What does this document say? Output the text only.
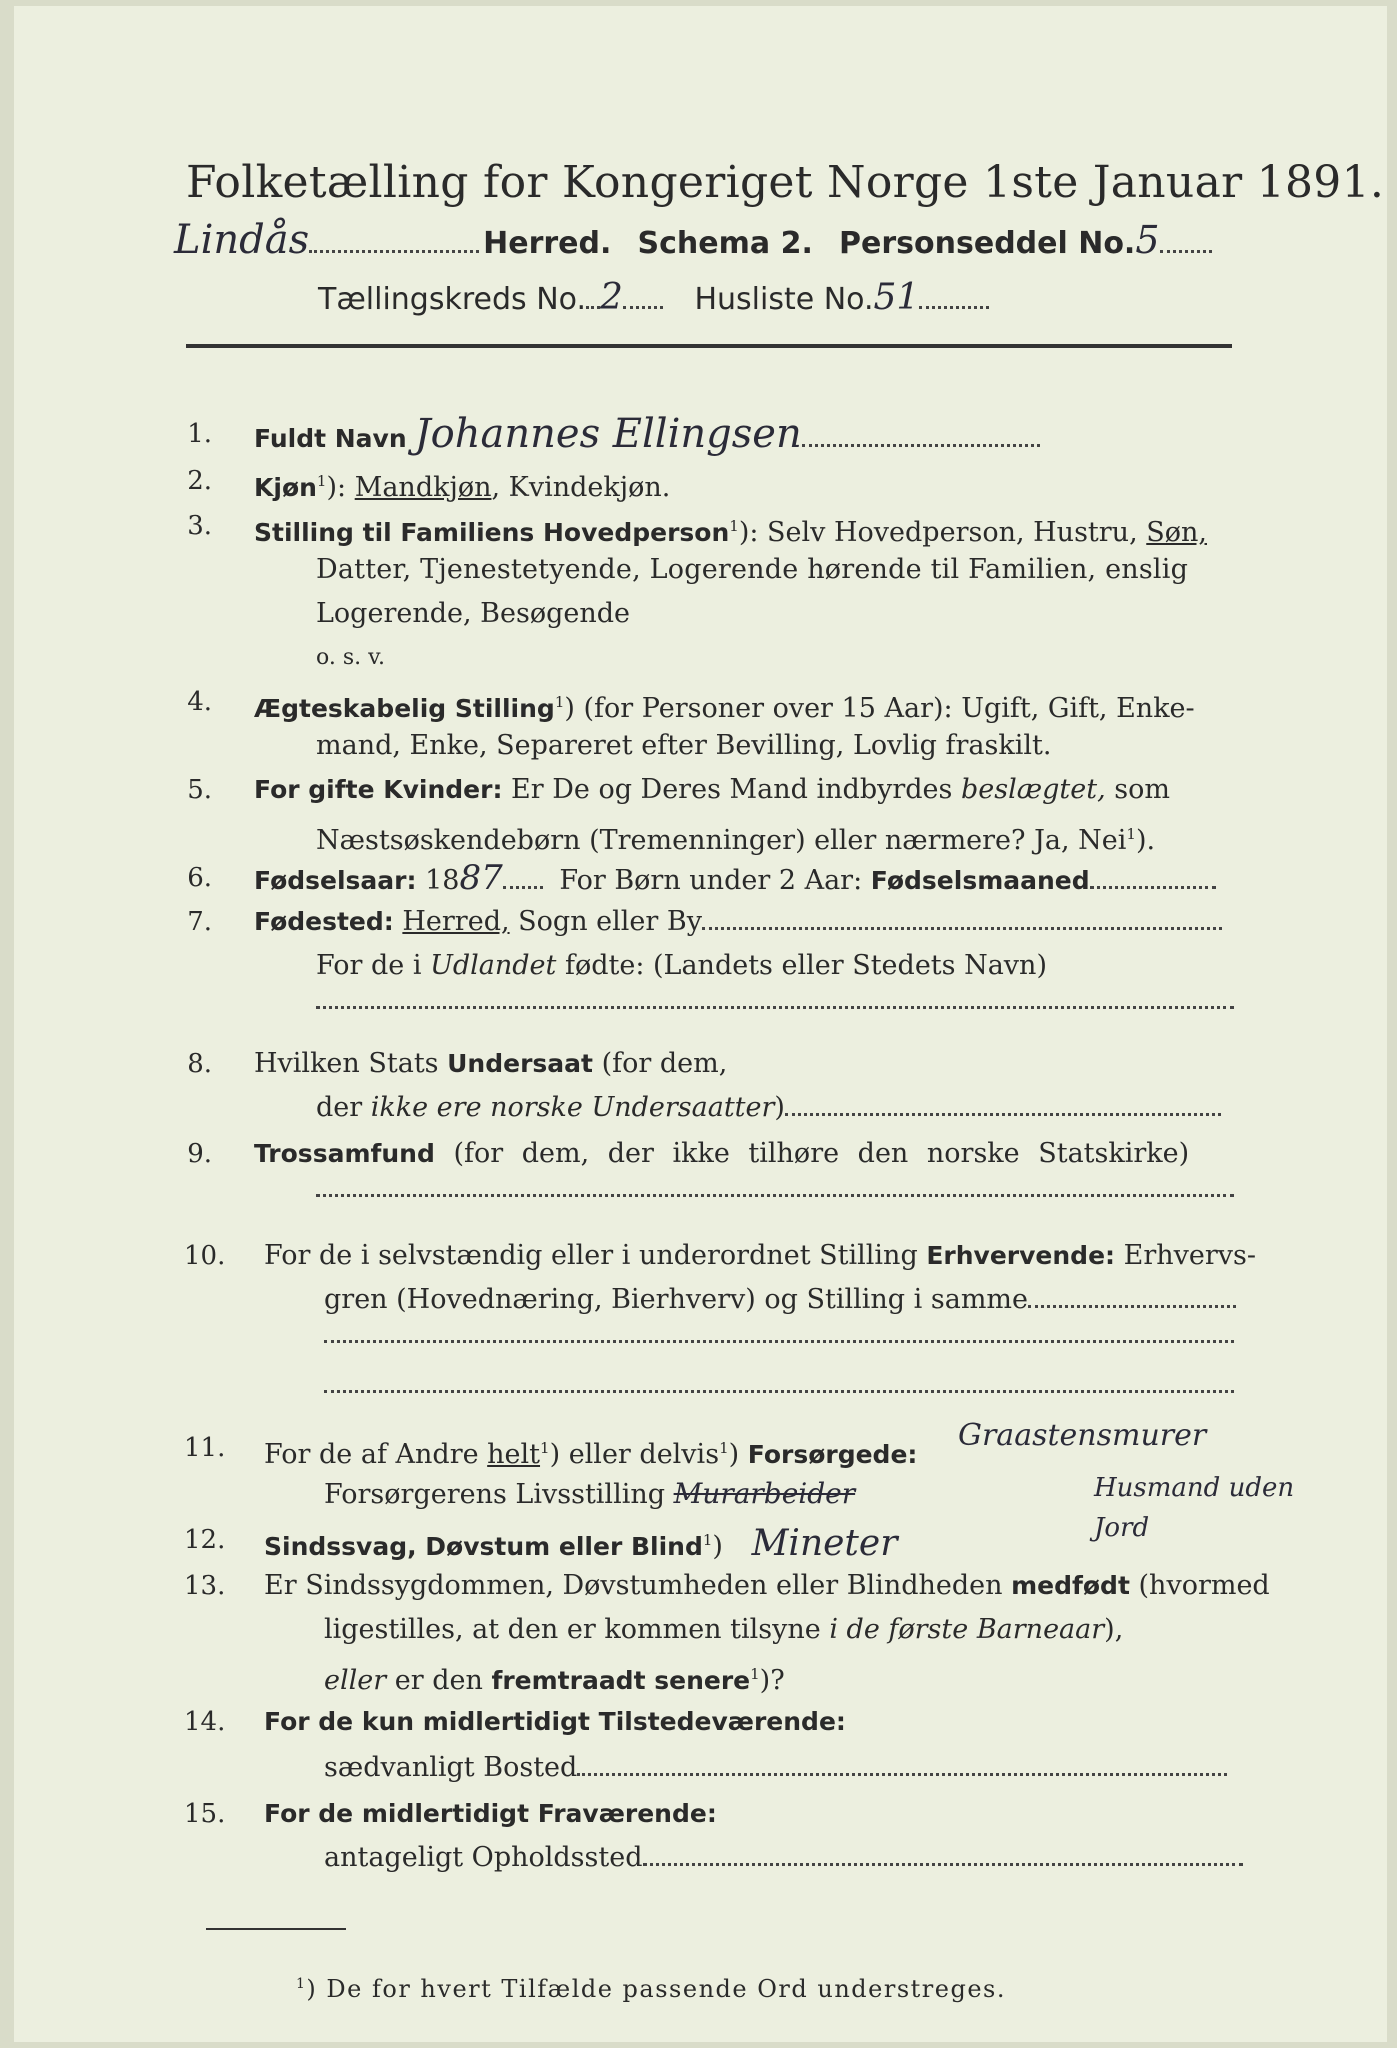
Folketælling for Kongeriget Norge 1ste Januar 1891.
Lindås	Herred. Schema 2. Personseddel No.5
Tællingskreds No. 2 Husliste No.51
1. Fuldt Navn Johannes Ellingsen
2. Kjøn$^1$): Mandkjøn, Kvindekjøn.
3. Stilling til Familiens Hovedperson$^1$): Selv Hovedperson, Hustru, Søn,
Datter, Tjenestetyende, Logerende hørende til Familien, enslig
Logerende, Besøgende
o. s. v.
4. Ægteskabelig Stilling$^1$) (for Personer over 15 Aar): Ugift, Gift, Enke-
mand, Enke, Separeret efter Bevilling, Lovlig fraskilt.
5. For gifte Kvinder: Er De og Deres Mand indbyrdes beslægtet, som
Næstsøskendebørn (Tremenninger) eller nærmere? Ja, Nei$^1$).
6. Fødselsaar: 1887 For Børn under 2 Aar: Fødselsmaaned
7. Fødested: Herred, Sogn eller By
For de i Udlandet fødte: (Landets eller Stedets Navn)
8. Hvilken Stats Undersaat (for dem,
der ikke ere norske Undersaatter)
9. Trossamfund (for dem, der ikke tilhøre den norske Statskirke)
10. For de i selvstændig eller i underordnet Stilling Erhvervende: Erhvervs-
gren (Hovednæring, Bierhverv) og Stilling i samme
11. For de af Andre helt$^1$) eller delvis$^1$) Forsørgede:
Graastensmurer
Forsørgerens Livsstilling Murarbeider	Husmand uden Jord
12. Sindssvag, Døvstum eller Blind$^1$) Mineter
13. Er Sindssygdommen, Døvstumheden eller Blindheden medfødt (hvormed
ligestilles, at den er kommen tilsyne i de første Barneaar),
eller er den fremtraadt senere$^1$)?
14. For de kun midlertidigt Tilstedeværende:
sædvanligt Bosted
15. For de midlertidigt Fraværende:
antageligt Opholdssted
$^1$) De for hvert Tilfælde passende Ord understreges.
